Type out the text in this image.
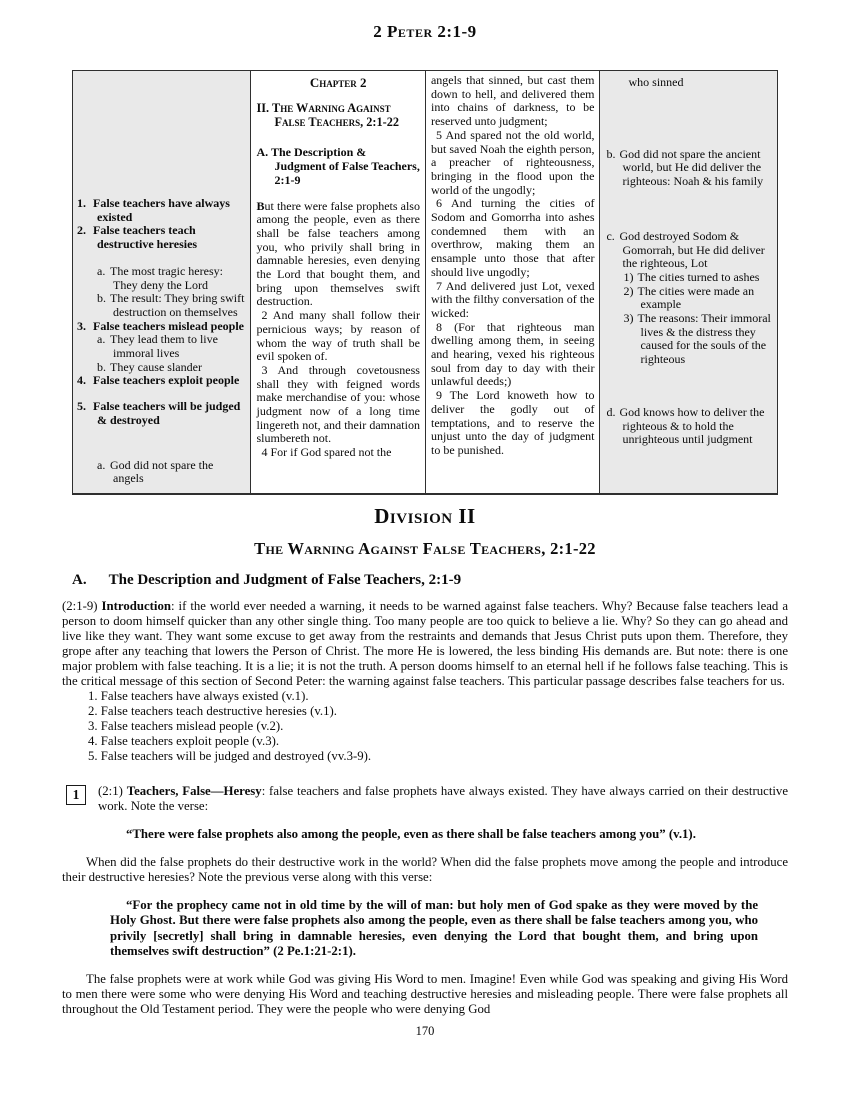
2 Peter 2:1-9
1. False teachers have always existed
2. False teachers teach destructive heresies
a. The most tragic heresy: They deny the Lord
b. The result: They bring swift destruction on themselves
3. False teachers mislead people
a. They lead them to live immoral lives
b. They cause slander
4. False teachers exploit people
5. False teachers will be judged & destroyed
a. God did not spare the angels
Chapter 2

II. The Warning Against False Teachers, 2:1-22

A. The Description & Judgment of False Teachers, 2:1-9

But there were false prophets also among the people, even as there shall be false teachers among you, who privily shall bring in damnable heresies, even denying the Lord that bought them, and bring upon themselves swift destruction.

2 And many shall follow their pernicious ways; by reason of whom the way of truth shall be evil spoken of.

3 And through covetousness shall they with feigned words make merchandise of you: whose judgment now of a long time lingereth not, and their damnation slumbereth not.

4 For if God spared not the

angels that sinned, but cast them down to hell, and delivered them into chains of darkness, to be reserved unto judgment;

5 And spared not the old world, but saved Noah the eighth person, a preacher of righteousness, bringing in the flood upon the world of the ungodly;

6 And turning the cities of Sodom and Gomorrha into ashes condemned them with an overthrow, making them an ensample unto those that after should live ungodly;

7 And delivered just Lot, vexed with the filthy conversation of the wicked:

8 (For that righteous man dwelling among them, in seeing and hearing, vexed his righteous soul from day to day with their unlawful deeds;)

9 The Lord knoweth how to deliver the godly out of temptations, and to reserve the unjust unto the day of judgment to be punished.

who sinned
b. God did not spare the ancient world, but He did deliver the righteous: Noah & his family
c. God destroyed Sodom & Gomorrah, but He did deliver the righteous, Lot
1) The cities turned to ashes
2) The cities were made an example
3) The reasons: Their immoral lives & the distress they caused for the souls of the righteous
d. God knows how to deliver the righteous & to hold the unrighteous until judgment
Division II
The Warning Against False Teachers, 2:1-22
A. The Description and Judgment of False Teachers, 2:1-9

(2:1-9) Introduction: if the world ever needed a warning, it needs to be warned against false teachers. Why? Because false teachers lead a person to doom himself quicker than any other single thing. Too many people are too quick to believe a lie. Why? So they can go ahead and live like they want. They want some excuse to get away from the restraints and demands that Jesus Christ puts upon them. Therefore, they grope after any teaching that lowers the Person of Christ. The more He is lowered, the less binding His demands are. But note: there is one major problem with false teaching. It is a lie; it is not the truth. A person dooms himself to an eternal hell if he follows false teaching. This is the critical message of this section of Second Peter: the warning against false teachers. This particular passage describes false teachers for us.

1. False teachers have always existed (v.1).
2. False teachers teach destructive heresies (v.1).
3. False teachers mislead people (v.2).
4. False teachers exploit people (v.3).
5. False teachers will be judged and destroyed (vv.3-9).
1	(2:1) Teachers, False—Heresy: false teachers and false prophets have always existed. They have always carried on their destructive work. Note the verse:

“There were false prophets also among the people, even as there shall be false teachers among you” (v.1).

When did the false prophets do their destructive work in the world? When did the false prophets move among the people and introduce their destructive heresies? Note the previous verse along with this verse:

“For the prophecy came not in old time by the will of man: but holy men of God spake as they were moved by the Holy Ghost. But there were false prophets also among the people, even as there shall be false teachers among you, who privily [secretly] shall bring in damnable heresies, even denying the Lord that bought them, and bring upon themselves swift destruction” (2 Pe.1:21-2:1).

The false prophets were at work while God was giving His Word to men. Imagine! Even while God was speaking and giving His Word to men there were some who were denying His Word and teaching destructive heresies and misleading people. There were false prophets all throughout the Old Testament period. They were the people who were denying God

170
